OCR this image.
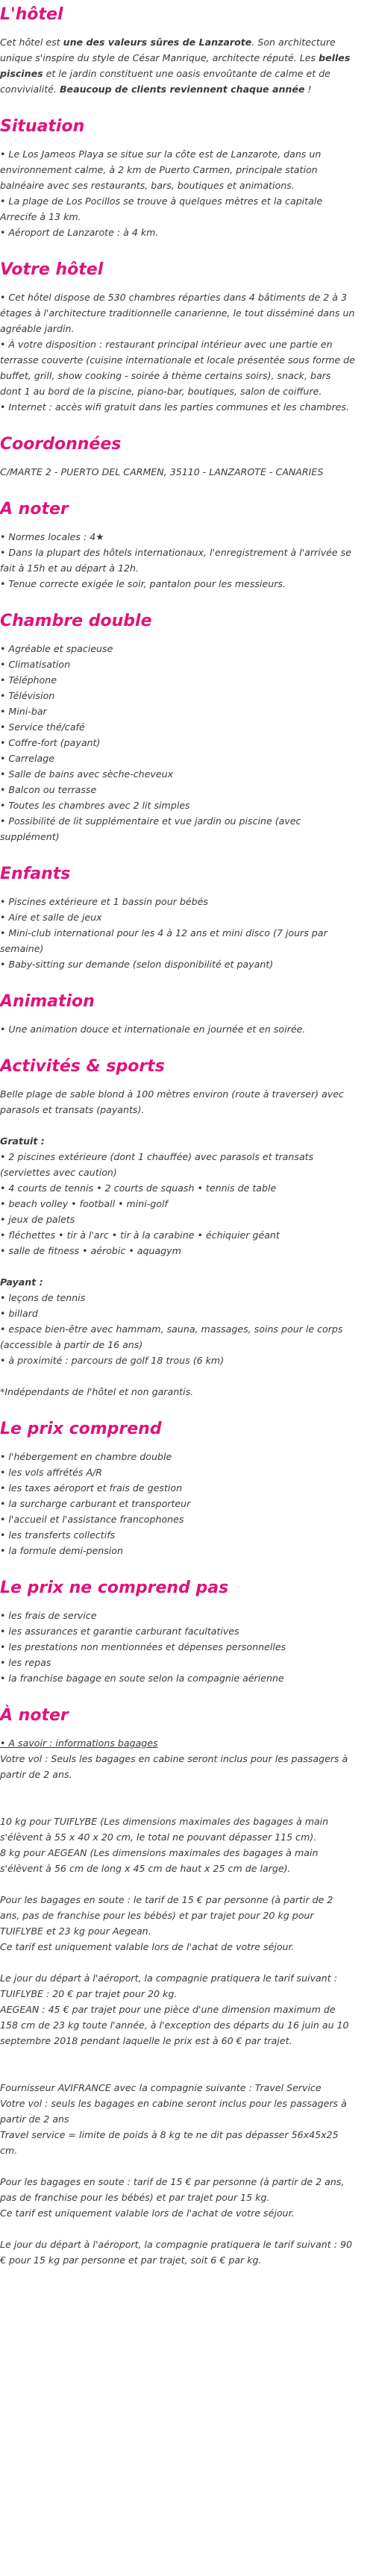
L'hôtel

Cet hôtel est une des valeurs sûres de Lanzarote. Son architecture unique s'inspire du style de César Manrique, architecte réputé. Les belles piscines et le jardin constituent une oasis envoûtante de calme et de convivialité. Beaucoup de clients reviennent chaque année !

Situation
• Le Los Jameos Playa se situe sur la côte est de Lanzarote, dans un environnement calme, à 2 km de Puerto Carmen, principale station balnéaire avec ses restaurants, bars, boutiques et animations.
• La plage de Los Pocillos se trouve à quelques mètres et la capitale Arrecife à 13 km.
• Aéroport de Lanzarote : à 4 km.
Votre hôtel
• Cet hôtel dispose de 530 chambres réparties dans 4 bâtiments de 2 à 3 étages à l'architecture traditionnelle canarienne, le tout disséminé dans un agréable jardin.
• À votre disposition : restaurant principal intérieur avec une partie en terrasse couverte (cuisine internationale et locale présentée sous forme de buffet, grill, show cooking - soirée à thème certains soirs), snack, bars dont 1 au bord de la piscine, piano-bar, boutiques, salon de coiffure.
• Internet : accès wifi gratuit dans les parties communes et les chambres.
Coordonnées

C/MARTE 2 - PUERTO DEL CARMEN, 35110 - LANZAROTE - CANARIES

A noter
• Normes locales : 4★
• Dans la plupart des hôtels internationaux, l'enregistrement à l'arrivée se fait à 15h et au départ à 12h.
• Tenue correcte exigée le soir, pantalon pour les messieurs.
Chambre double
• Agréable et spacieuse
• Climatisation
• Téléphone
• Télévision
• Mini-bar
• Service thé/café
• Coffre-fort (payant)
• Carrelage
• Salle de bains avec sèche-cheveux
• Balcon ou terrasse
• Toutes les chambres avec 2 lit simples
• Possibilité de lit supplémentaire et vue jardin ou piscine (avec supplément)
Enfants
• Piscines extérieure et 1 bassin pour bébés
• Aire et salle de jeux
• Mini-club international pour les 4 à 12 ans et mini disco (7 jours par semaine)
• Baby-sitting sur demande (selon disponibilité et payant)
Animation
• Une animation douce et internationale en journée et en soirée.
Activités & sports

Belle plage de sable blond à 100 mètres environ (route à traverser) avec parasols et transats (payants).

Gratuit :
• 2 piscines extérieure (dont 1 chauffée) avec parasols et transats (serviettes avec caution)
• 4 courts de tennis • 2 courts de squash • tennis de table
• beach volley • football • mini-golf
• jeux de palets
• fléchettes • tir à l'arc • tir à la carabine • échiquier géant
• salle de fitness • aérobic • aquagym
Payant :
• leçons de tennis
• billard
• espace bien-être avec hammam, sauna, massages, soins pour le corps (accessible à partir de 16 ans)
• à proximité : parcours de golf 18 trous (6 km)

*Indépendants de l'hôtel et non garantis.

Le prix comprend
• l'hébergement en chambre double
• les vols affrétés A/R
• les taxes aéroport et frais de gestion
• la surcharge carburant et transporteur
• l'accueil et l'assistance francophones
• les transferts collectifs
• la formule demi-pension
Le prix ne comprend pas
• les frais de service
• les assurances et garantie carburant facultatives
• les prestations non mentionnées et dépenses personnelles
• les repas
• la franchise bagage en soute selon la compagnie aérienne
À noter

• A savoir : informations bagages

Votre vol : Seuls les bagages en cabine seront inclus pour les passagers à partir de 2 ans.

10 kg pour TUIFLYBE (Les dimensions maximales des bagages à main s'élèvent à 55 x 40 x 20 cm, le total ne pouvant dépasser 115 cm).

8 kg pour AEGEAN (Les dimensions maximales des bagages à main s'élèvent à 56 cm de long x 45 cm de haut x 25 cm de large).

Pour les bagages en soute : le tarif de 15 € par personne (à partir de 2 ans, pas de franchise pour les bébés) et par trajet pour 20 kg pour TUIFLYBE et 23 kg pour Aegean.

Ce tarif est uniquement valable lors de l'achat de votre séjour.

Le jour du départ à l'aéroport, la compagnie pratiquera le tarif suivant :

TUIFLYBE : 20 € par trajet pour 20 kg.

AEGEAN : 45 € par trajet pour une pièce d'une dimension maximum de 158 cm de 23 kg toute l'année, à l'exception des départs du 16 juin au 10 septembre 2018 pendant laquelle le prix est à 60 € par trajet.

Fournisseur AVIFRANCE avec la compagnie suivante : Travel Service

Votre vol : seuls les bagages en cabine seront inclus pour les passagers à partir de 2 ans

Travel service = limite de poids à 8 kg te ne dit pas dépasser 56x45x25 cm.

Pour les bagages en soute : tarif de 15 € par personne (à partir de 2 ans, pas de franchise pour les bébés) et par trajet pour 15 kg.

Ce tarif est uniquement valable lors de l'achat de votre séjour.

Le jour du départ à l'aéroport, la compagnie pratiquera le tarif suivant : 90 € pour 15 kg par personne et par trajet, soit 6 € par kg.
